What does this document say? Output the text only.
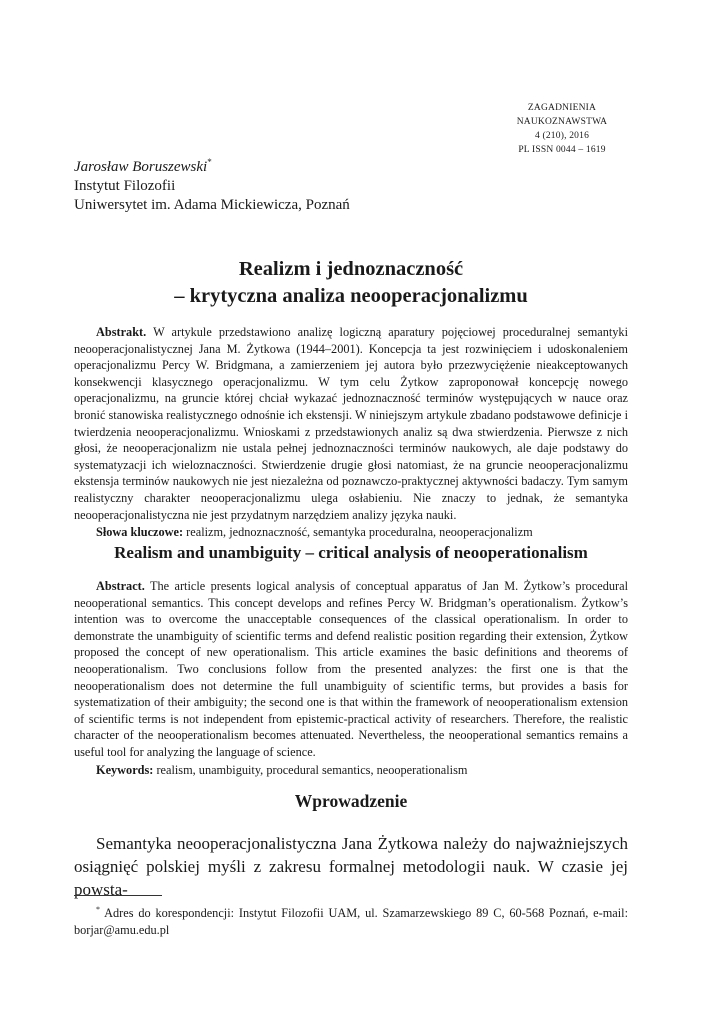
ZAGADNIENIA
NAUKOZNAWSTWA
4 (210), 2016
PL ISSN 0044 – 1619
Jarosław Boruszewski*
Instytut Filozofii
Uniwersytet im. Adama Mickiewicza, Poznań
Realizm i jednoznaczność
– krytyczna analiza neooperacjonalizmu

Abstrakt. W artykule przedstawiono analizę logiczną aparatury pojęciowej proceduralnej semantyki neooperacjonalistycznej Jana M. Żytkowa (1944–2001). Koncepcja ta jest rozwinięciem i udoskonaleniem operacjonalizmu Percy W. Bridgmana, a zamierzeniem jej autora było przezwyciężenie nieakceptowanych konsekwencji klasycznego operacjonalizmu. W tym celu Żytkow zaproponował koncepcję nowego operacjonalizmu, na gruncie której chciał wykazać jednoznaczność terminów występujących w nauce oraz bronić stanowiska realistycznego odnośnie ich ekstensji. W niniejszym artykule zbadano podstawowe definicje i twierdzenia neooperacjonalizmu. Wnioskami z przedstawionych analiz są dwa stwierdzenia. Pierwsze z nich głosi, że neooperacjonalizm nie ustala pełnej jednoznaczności terminów naukowych, ale daje podstawy do systematyzacji ich wieloznaczności. Stwierdzenie drugie głosi natomiast, że na gruncie neooperacjonalizmu ekstensja terminów naukowych nie jest niezależna od poznawczo-praktycznej aktywności badaczy. Tym samym realistyczny charakter neooperacjonalizmu ulega osłabieniu. Nie znaczy to jednak, że semantyka neooperacjonalistyczna nie jest przydatnym narzędziem analizy języka nauki.

Słowa kluczowe: realizm, jednoznaczność, semantyka proceduralna, neooperacjonalizm

Realism and unambiguity – critical analysis of neooperationalism

Abstract. The article presents logical analysis of conceptual apparatus of Jan M. Żytkow’s procedural neooperational semantics. This concept develops and refines Percy W. Bridgman’s operationalism. Żytkow’s intention was to overcome the unacceptable consequences of the classical operationalism. In order to demonstrate the unambiguity of scientific terms and defend realistic position regarding their extension, Żytkow proposed the concept of new operationalism. This article examines the basic definitions and theorems of neooperationalism. Two conclusions follow from the presented analyzes: the first one is that the neooperationalism does not determine the full unambiguity of scientific terms, but provides a basis for systematization of their ambiguity; the second one is that within the framework of neooperationalism extension of scientific terms is not independent from epistemic-practical activity of researchers. Therefore, the realistic character of the neooperationalism becomes attenuated. Nevertheless, the neooperational semantics remains a useful tool for analyzing the language of science.

Keywords: realism, unambiguity, procedural semantics, neooperationalism

Wprowadzenie

Semantyka neooperacjonalistyczna Jana Żytkowa należy do najważniejszych osiągnięć polskiej myśli z zakresu formalnej metodologii nauk. W czasie jej powsta-

* Adres do korespondencji: Instytut Filozofii UAM, ul. Szamarzewskiego 89 C, 60-568 Poznań, e-mail: borjar@amu.edu.pl
